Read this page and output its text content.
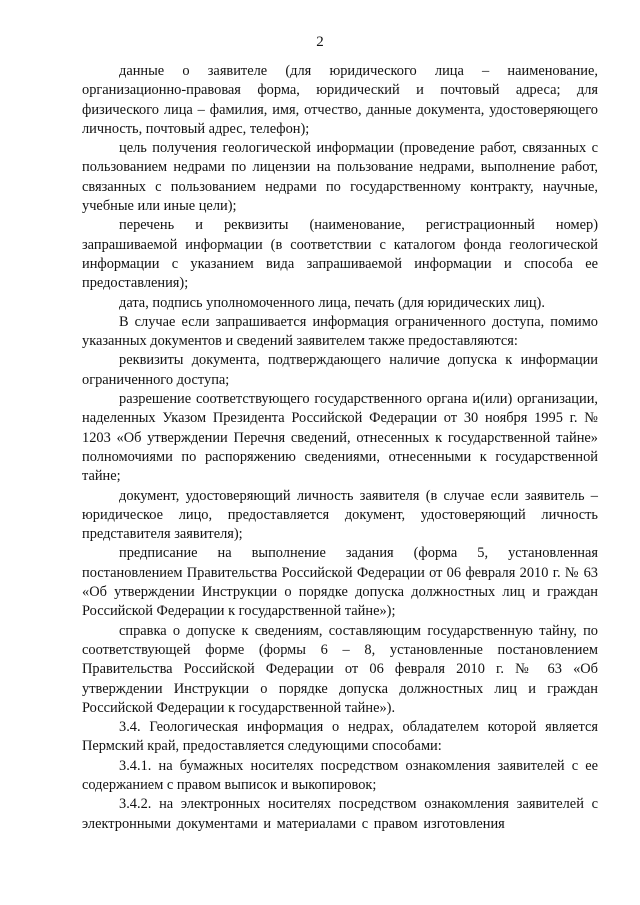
2

данные о заявителе (для юридического лица – наименование, организационно-правовая форма, юридический и почтовый адреса; для физического лица – фамилия, имя, отчество, данные документа, удостоверяющего личность, почтовый адрес, телефон);

цель получения геологической информации (проведение работ, связанных с пользованием недрами по лицензии на пользование недрами, выполнение работ, связанных с пользованием недрами по государственному контракту, научные, учебные или иные цели);

перечень и реквизиты (наименование, регистрационный номер) запрашиваемой информации (в соответствии с каталогом фонда геологической информации с указанием вида запрашиваемой информации и способа ее предоставления);

дата, подпись уполномоченного лица, печать (для юридических лиц).

В случае если запрашивается информация ограниченного доступа, помимо указанных документов и сведений заявителем также предоставляются:

реквизиты документа, подтверждающего наличие допуска к информации ограниченного доступа;

разрешение соответствующего государственного органа и(или) организации, наделенных Указом Президента Российской Федерации от 30 ноября 1995 г. № 1203 «Об утверждении Перечня сведений, отнесенных к государственной тайне» полномочиями по распоряжению сведениями, отнесенными к государственной тайне;

документ, удостоверяющий личность заявителя (в случае если заявитель – юридическое лицо, предоставляется документ, удостоверяющий личность представителя заявителя);

предписание на выполнение задания (форма 5, установленная постановлением Правительства Российской Федерации от 06 февраля 2010 г. № 63 «Об утверждении Инструкции о порядке допуска должностных лиц и граждан Российской Федерации к государственной тайне»);

справка о допуске к сведениям, составляющим государственную тайну, по соответствующей форме (формы 6 – 8, установленные постановлением Правительства Российской Федерации от 06 февраля 2010 г. № 63 «Об утверждении Инструкции о порядке допуска должностных лиц и граждан Российской Федерации к государственной тайне»).

3.4. Геологическая информация о недрах, обладателем которой является Пермский край, предоставляется следующими способами:

3.4.1. на бумажных носителях посредством ознакомления заявителей с ее содержанием с правом выписок и выкопировок;

3.4.2. на электронных носителях посредством ознакомления заявителей с электронными документами и материалами с правом изготовления
